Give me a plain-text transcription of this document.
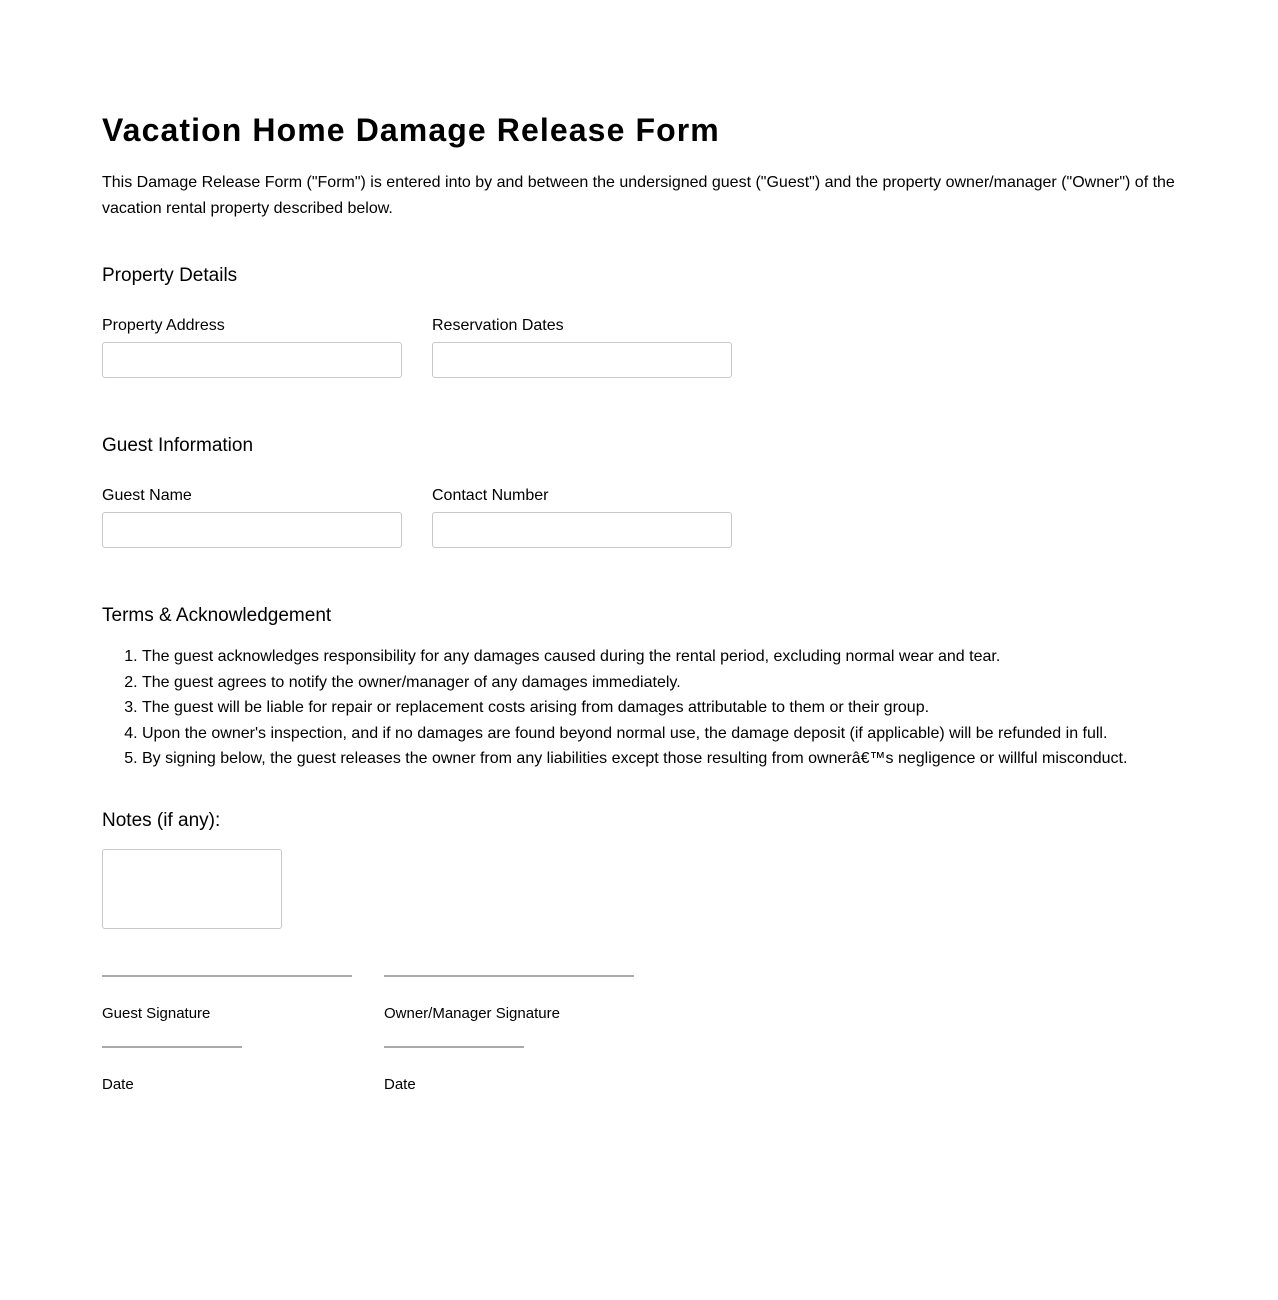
Vacation Home Damage Release Form

This Damage Release Form ("Form") is entered into by and between the undersigned guest ("Guest") and the property owner/manager ("Owner") of the vacation rental property described below.

Property Details
Property Address	Reservation Dates
Guest Information
Guest Name	Contact Number
Terms & Acknowledgement
1. The guest acknowledges responsibility for any damages caused during the rental period, excluding normal wear and tear.
2. The guest agrees to notify the owner/manager of any damages immediately.
3. The guest will be liable for repair or replacement costs arising from damages attributable to them or their group.
4. Upon the owner's inspection, and if no damages are found beyond normal use, the damage deposit (if applicable) will be refunded in full.
5. By signing below, the guest releases the owner from any liabilities except those resulting from ownerâ€™s negligence or willful misconduct.
Notes (if any):
Guest Signature	Owner/Manager Signature
Date	Date
